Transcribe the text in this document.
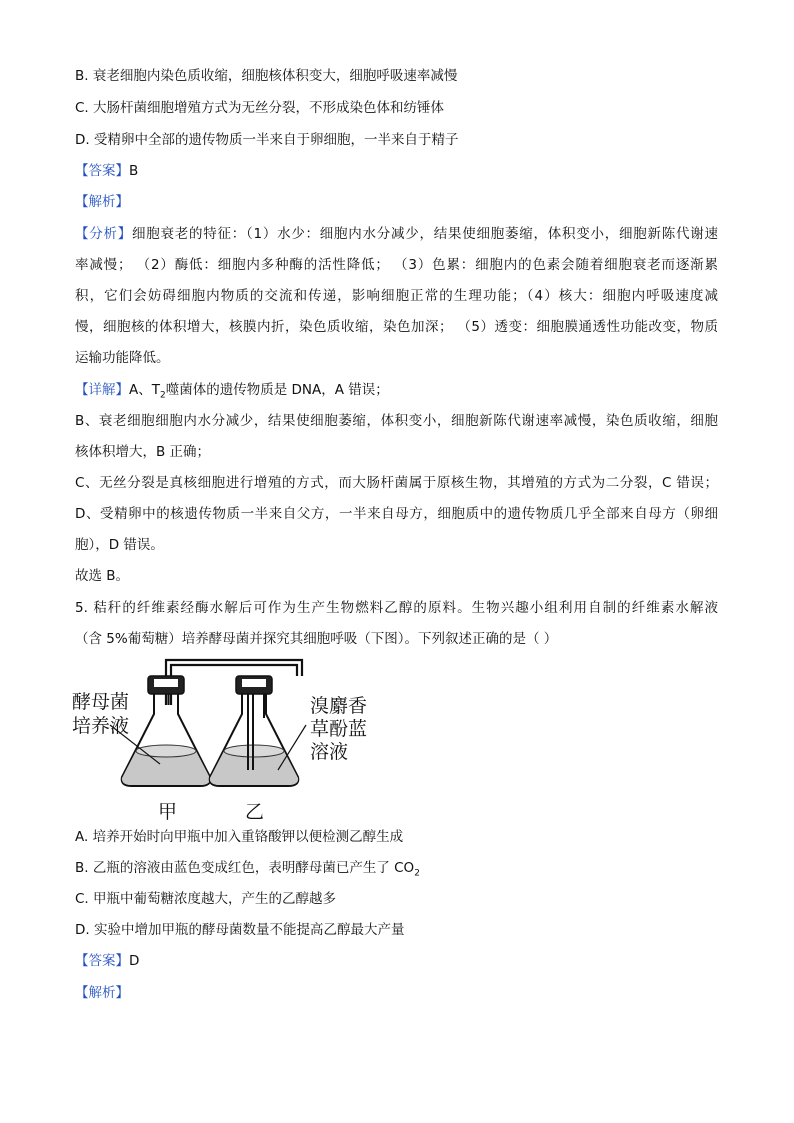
B. 衰老细胞内染色质收缩，细胞核体积变大，细胞呼吸速率减慢
C. 大肠杆菌细胞增殖方式为无丝分裂，不形成染色体和纺锤体
D. 受精卵中全部的遗传物质一半来自于卵细胞，一半来自于精子
【答案】B
【解析】
【分析】细胞衰老的特征：（1）水少：细胞内水分减少，结果使细胞萎缩，体积变小，细胞新陈代谢速
率减慢； （2）酶低：细胞内多种酶的活性降低； （3）色累：细胞内的色素会随着细胞衰老而逐渐累
积，它们会妨碍细胞内物质的交流和传递，影响细胞正常的生理功能；（4）核大：细胞内呼吸速度减
慢，细胞核的体积增大，核膜内折，染色质收缩，染色加深； （5）透变：细胞膜通透性功能改变，物质
运输功能降低。
【详解】A、$T_2$噬菌体的遗传物质是 DNA，A 错误；
B、衰老细胞细胞内水分减少，结果使细胞萎缩，体积变小，细胞新陈代谢速率减慢，染色质收缩，细胞
核体积增大，B 正确；
C、无丝分裂是真核细胞进行增殖的方式，而大肠杆菌属于原核生物，其增殖的方式为二分裂，C 错误；
D、受精卵中的核遗传物质一半来自父方，一半来自母方，细胞质中的遗传物质几乎全部来自母方（卵细
胞），D 错误。
故选 B。
5. 秸秆的纤维素经酶水解后可作为生产生物燃料乙醇的原料。生物兴趣小组利用自制的纤维素水解液
（含 5%葡萄糖）培养酵母菌并探究其细胞呼吸（下图）。下列叙述正确的是（ ）
酵母菌
培养液
溴麝香
草酚蓝
溶液
甲	乙
A. 培养开始时向甲瓶中加入重铬酸钾以便检测乙醇生成
B. 乙瓶的溶液由蓝色变成红色，表明酵母菌已产生了 $CO_2$
C. 甲瓶中葡萄糖浓度越大，产生的乙醇越多
D. 实验中增加甲瓶的酵母菌数量不能提高乙醇最大产量
【答案】D
【解析】
